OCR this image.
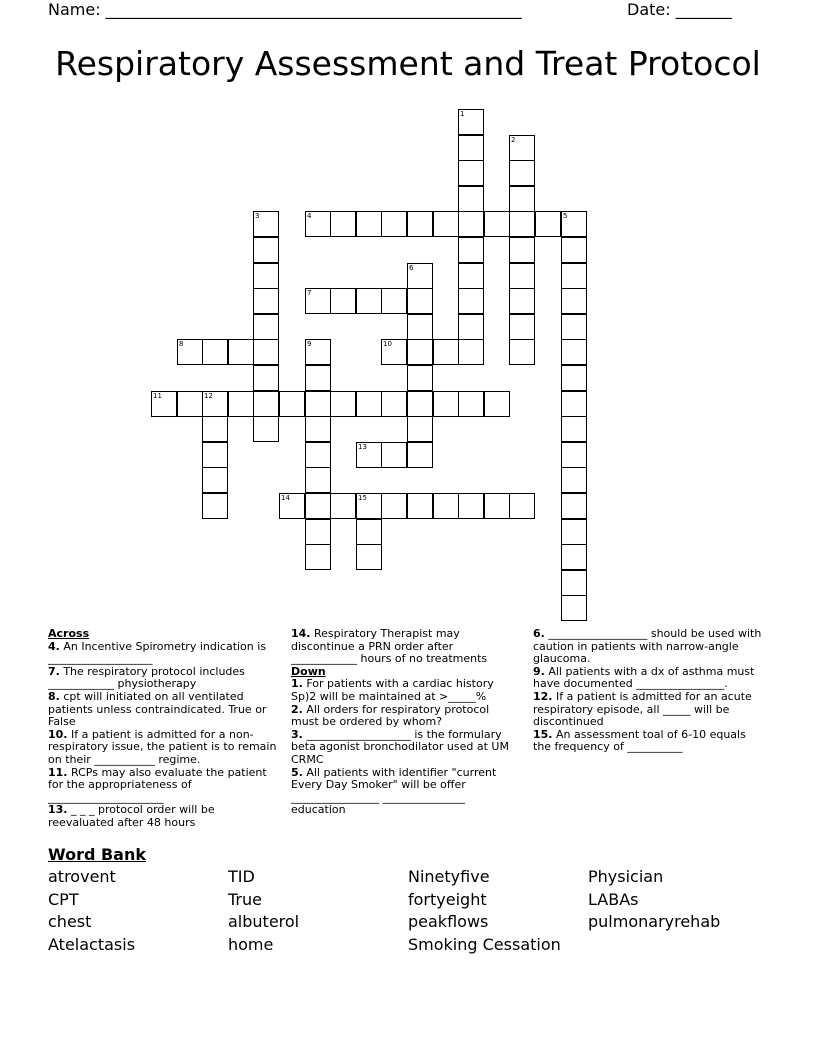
Name: ____________________________________________________	Date: _______
Respiratory Assessment and Treat Protocol
1
2
3	4	5
6
7
8	9	10
11	12
13
14	15
Across
4. An Incentive Spirometry indication is ___________________
7. The respiratory protocol includes ____________ physiotherapy
8. cpt will initiated on all ventilated patients unless contraindicated. True or False
10. If a patient is admitted for a non-respiratory issue, the patient is to remain on their ___________ regime.
11. RCPs may also evaluate the patient for the appropriateness of _____________________
13. _ _ _ protocol order will be reevaluated after 48 hours
14. Respiratory Therapist may discontinue a PRN order after ____________ hours of no treatments
Down
1. For patients with a cardiac history Sp)2 will be maintained at >_____%
2. All orders for respiratory protocol must be ordered by whom?
3. ___________________ is the formulary beta agonist bronchodilator used at UM CRMC
5. All patients with identifier "current Every Day Smoker" will be offer ________________ _______________ education
6. __________________ should be used with caution in patients with narrow-angle glaucoma.
9. All patients with a dx of asthma must have documented ________________.
12. If a patient is admitted for an acute respiratory episode, all _____ will be discontinued
15. An assessment toal of 6-10 equals the frequency of __________
Word Bank
atrovent	TID	Ninetyfive	Physician
CPT	True	fortyeight	LABAs
chest	albuterol	peakflows	pulmonaryrehab
Atelactasis	home	Smoking Cessation
